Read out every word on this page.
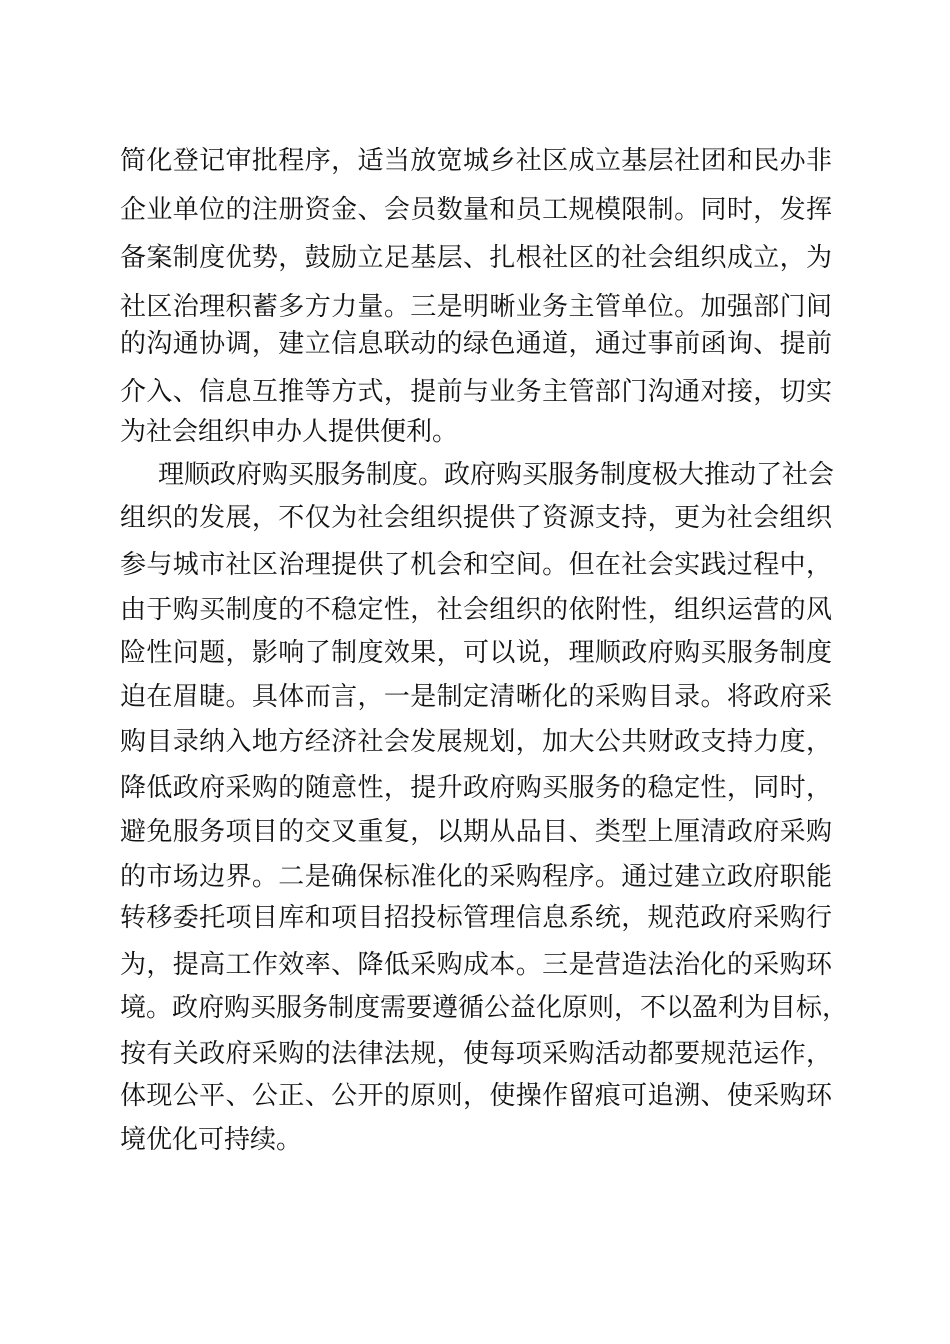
简化登记审批程序，适当放宽城乡社区成立基层社团和民办非
企业单位的注册资金、会员数量和员工规模限制。同时，发挥
备案制度优势，鼓励立足基层、扎根社区的社会组织成立，为
社区治理积蓄多方力量。三是明晰业务主管单位。加强部门间
的沟通协调，建立信息联动的绿色通道，通过事前函询、提前
介入、信息互推等方式，提前与业务主管部门沟通对接，切实
为社会组织申办人提供便利。
理顺政府购买服务制度。政府购买服务制度极大推动了社会
组织的发展，不仅为社会组织提供了资源支持，更为社会组织
参与城市社区治理提供了机会和空间。但在社会实践过程中，
由于购买制度的不稳定性，社会组织的依附性，组织运营的风
险性问题，影响了制度效果，可以说，理顺政府购买服务制度
迫在眉睫。具体而言，一是制定清晰化的采购目录。将政府采
购目录纳入地方经济社会发展规划，加大公共财政支持力度，
降低政府采购的随意性，提升政府购买服务的稳定性，同时，
避免服务项目的交叉重复，以期从品目、类型上厘清政府采购
的市场边界。二是确保标准化的采购程序。通过建立政府职能
转移委托项目库和项目招投标管理信息系统，规范政府采购行
为，提高工作效率、降低采购成本。三是营造法治化的采购环
境。政府购买服务制度需要遵循公益化原则，不以盈利为目标，
按有关政府采购的法律法规，使每项采购活动都要规范运作，
体现公平、公正、公开的原则，使操作留痕可追溯、使采购环
境优化可持续。
